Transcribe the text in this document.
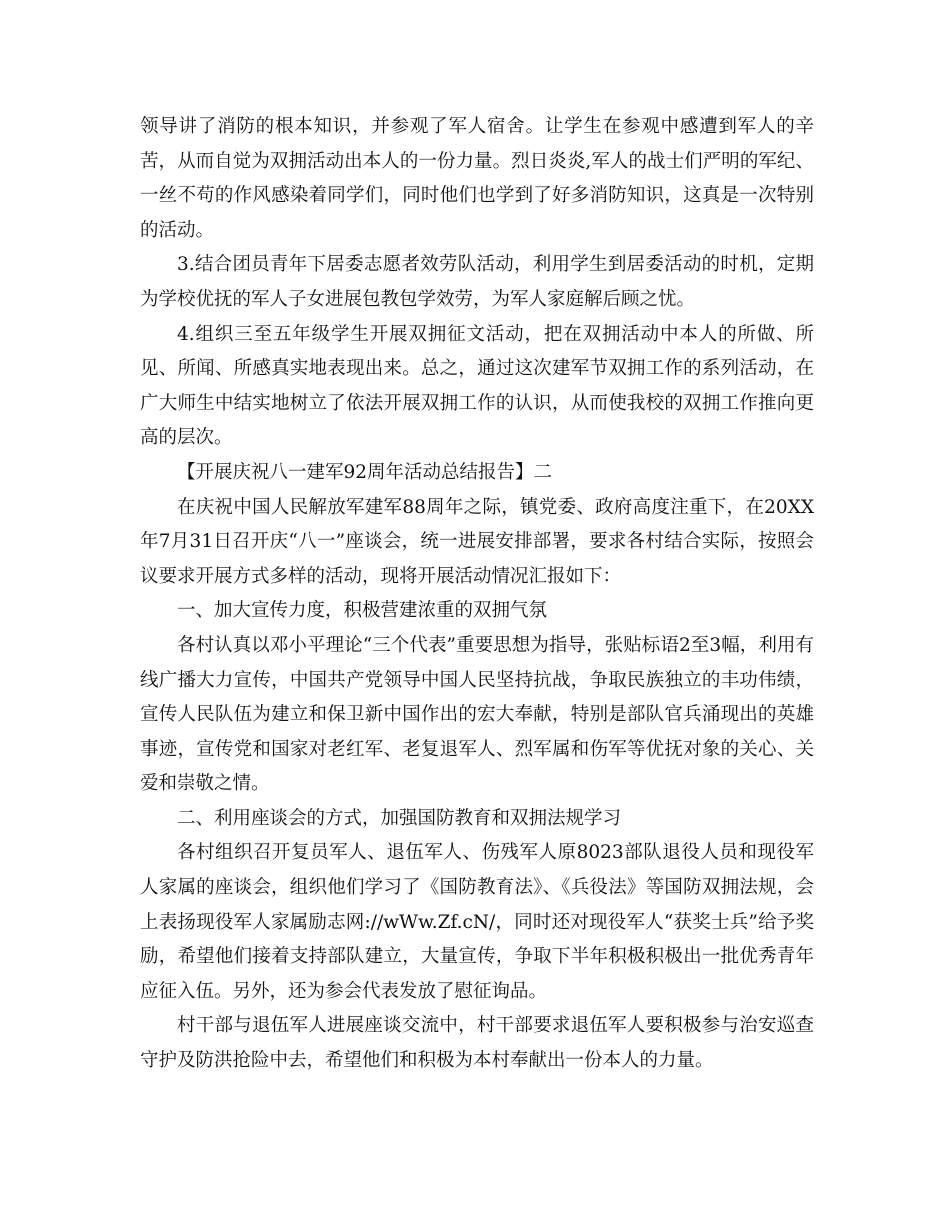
领导讲了消防的根本知识，并参观了军人宿舍。让学生在参观中感遭到军人的辛苦，从而自觉为双拥活动出本人的一份力量。烈日炎炎,军人的战士们严明的军纪、一丝不苟的作风感染着同学们，同时他们也学到了好多消防知识，这真是一次特别的活动。

3.结合团员青年下居委志愿者效劳队活动，利用学生到居委活动的时机，定期为学校优抚的军人子女进展包教包学效劳，为军人家庭解后顾之忧。

4.组织三至五年级学生开展双拥征文活动，把在双拥活动中本人的所做、所见、所闻、所感真实地表现出来。总之，通过这次建军节双拥工作的系列活动，在广大师生中结实地树立了依法开展双拥工作的认识，从而使我校的双拥工作推向更高的层次。

【开展庆祝八一建军92周年活动总结报告】二

在庆祝中国人民解放军建军88周年之际，镇党委、政府高度注重下，在20XX年7月31日召开庆“八一”座谈会，统一进展安排部署，要求各村结合实际，按照会议要求开展方式多样的活动，现将开展活动情况汇报如下：

一、加大宣传力度，积极营建浓重的双拥气氛

各村认真以邓小平理论“三个代表”重要思想为指导，张贴标语2至3幅，利用有线广播大力宣传，中国共产党领导中国人民坚持抗战，争取民族独立的丰功伟绩，宣传人民队伍为建立和保卫新中国作出的宏大奉献，特别是部队官兵涌现出的英雄事迹，宣传党和国家对老红军、老复退军人、烈军属和伤军等优抚对象的关心、关爱和崇敬之情。

二、利用座谈会的方式，加强国防教育和双拥法规学习

各村组织召开复员军人、退伍军人、伤残军人原8023部队退役人员和现役军人家属的座谈会，组织他们学习了《国防教育法》、《兵役法》等国防双拥法规，会上表扬现役军人家属励志网://wWw.Zf.cN/，同时还对现役军人“获奖士兵”给予奖励，希望他们接着支持部队建立，大量宣传，争取下半年积极积极出一批优秀青年应征入伍。另外，还为参会代表发放了慰征询品。

村干部与退伍军人进展座谈交流中，村干部要求退伍军人要积极参与治安巡查守护及防洪抢险中去，希望他们和积极为本村奉献出一份本人的力量。
